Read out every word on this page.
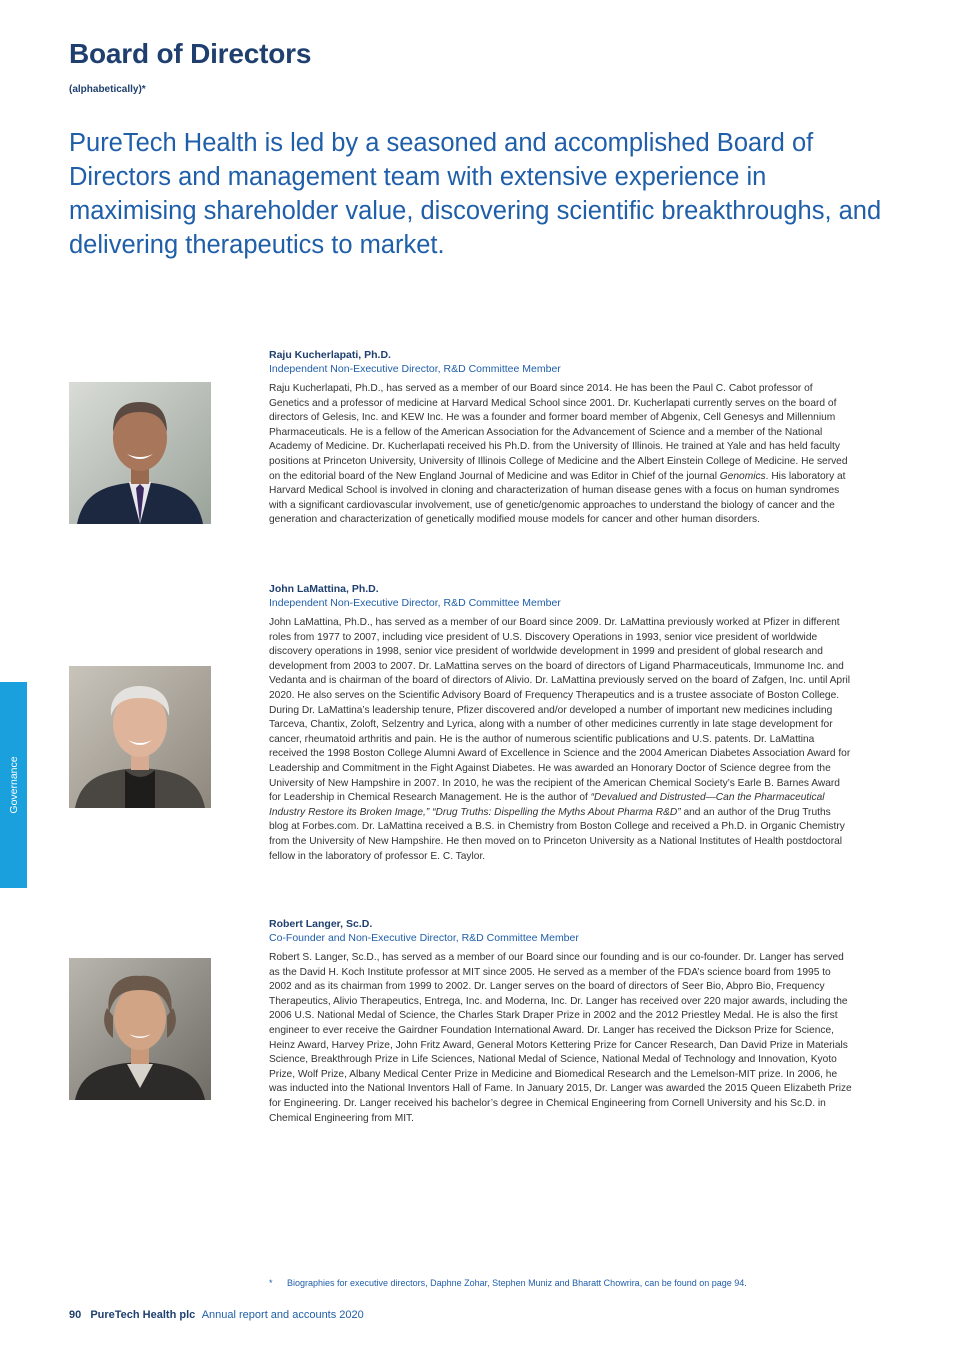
Board of Directors
(alphabetically)*

PureTech Health is led by a seasoned and accomplished Board of Directors and management team with extensive experience in maximising shareholder value, discovering scientific breakthroughs, and delivering therapeutics to market.

Governance
Raju Kucherlapati, Ph.D.
Independent Non-Executive Director, R&D Committee Member

Raju Kucherlapati, Ph.D., has served as a member of our Board since 2014. He has been the Paul C. Cabot professor of Genetics and a professor of medicine at Harvard Medical School since 2001. Dr. Kucherlapati currently serves on the board of directors of Gelesis, Inc. and KEW Inc. He was a founder and former board member of Abgenix, Cell Genesys and Millennium Pharmaceuticals. He is a fellow of the American Association for the Advancement of Science and a member of the National Academy of Medicine. Dr. Kucherlapati received his Ph.D. from the University of Illinois. He trained at Yale and has held faculty positions at Princeton University, University of Illinois College of Medicine and the Albert Einstein College of Medicine. He served on the editorial board of the New England Journal of Medicine and was Editor in Chief of the journal Genomics. His laboratory at Harvard Medical School is involved in cloning and characterization of human disease genes with a focus on human syndromes with a significant cardiovascular involvement, use of genetic/genomic approaches to understand the biology of cancer and the generation and characterization of genetically modified mouse models for cancer and other human disorders.

John LaMattina, Ph.D.
Independent Non-Executive Director, R&D Committee Member

John LaMattina, Ph.D., has served as a member of our Board since 2009. Dr. LaMattina previously worked at Pfizer in different roles from 1977 to 2007, including vice president of U.S. Discovery Operations in 1993, senior vice president of worldwide discovery operations in 1998, senior vice president of worldwide development in 1999 and president of global research and development from 2003 to 2007. Dr. LaMattina serves on the board of directors of Ligand Pharmaceuticals, Immunome Inc. and Vedanta and is chairman of the board of directors of Alivio. Dr. LaMattina previously served on the board of Zafgen, Inc. until April 2020. He also serves on the Scientific Advisory Board of Frequency Therapeutics and is a trustee associate of Boston College. During Dr. LaMattina’s leadership tenure, Pfizer discovered and/or developed a number of important new medicines including Tarceva, Chantix, Zoloft, Selzentry and Lyrica, along with a number of other medicines currently in late stage development for cancer, rheumatoid arthritis and pain. He is the author of numerous scientific publications and U.S. patents. Dr. LaMattina received the 1998 Boston College Alumni Award of Excellence in Science and the 2004 American Diabetes Association Award for Leadership and Commitment in the Fight Against Diabetes. He was awarded an Honorary Doctor of Science degree from the University of New Hampshire in 2007. In 2010, he was the recipient of the American Chemical Society’s Earle B. Barnes Award for Leadership in Chemical Research Management. He is the author of “Devalued and Distrusted—Can the Pharmaceutical Industry Restore its Broken Image,” “Drug Truths: Dispelling the Myths About Pharma R&D” and an author of the Drug Truths blog at Forbes.com. Dr. LaMattina received a B.S. in Chemistry from Boston College and received a Ph.D. in Organic Chemistry from the University of New Hampshire. He then moved on to Princeton University as a National Institutes of Health postdoctoral fellow in the laboratory of professor E. C. Taylor.

Robert Langer, Sc.D.
Co-Founder and Non-Executive Director, R&D Committee Member

Robert S. Langer, Sc.D., has served as a member of our Board since our founding and is our co-founder. Dr. Langer has served as the David H. Koch Institute professor at MIT since 2005. He served as a member of the FDA’s science board from 1995 to 2002 and as its chairman from 1999 to 2002. Dr. Langer serves on the board of directors of Seer Bio, Abpro Bio, Frequency Therapeutics, Alivio Therapeutics, Entrega, Inc. and Moderna, Inc. Dr. Langer has received over 220 major awards, including the 2006 U.S. National Medal of Science, the Charles Stark Draper Prize in 2002 and the 2012 Priestley Medal. He is also the first engineer to ever receive the Gairdner Foundation International Award. Dr. Langer has received the Dickson Prize for Science, Heinz Award, Harvey Prize, John Fritz Award, General Motors Kettering Prize for Cancer Research, Dan David Prize in Materials Science, Breakthrough Prize in Life Sciences, National Medal of Science, National Medal of Technology and Innovation, Kyoto Prize, Wolf Prize, Albany Medical Center Prize in Medicine and Biomedical Research and the Lemelson-MIT prize. In 2006, he was inducted into the National Inventors Hall of Fame. In January 2015, Dr. Langer was awarded the 2015 Queen Elizabeth Prize for Engineering. Dr. Langer received his bachelor’s degree in Chemical Engineering from Cornell University and his Sc.D. in Chemical Engineering from MIT.

* Biographies for executive directors, Daphne Zohar, Stephen Muniz and Bharatt Chowrira, can be found on page 94.
90 PureTech Health plc Annual report and accounts 2020
